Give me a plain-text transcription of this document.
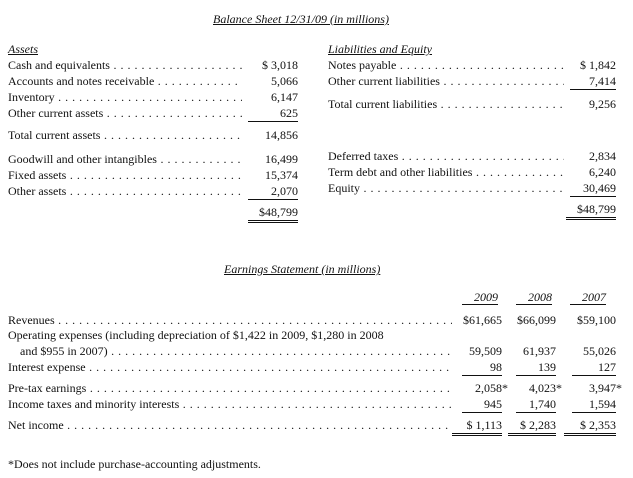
Balance Sheet 12/31/09 (in millions)
Assets
Cash and equivalents . . .	$ 3,018
Accounts and notes receivable . . .	5,066
Inventory . . .	6,147
Other current assets . . .	625
Total current assets . . .	14,856
Goodwill and other intangibles . . .	16,499
Fixed assets . . .	15,374
Other assets . . .	2,070
$48,799
Liabilities and Equity
Notes payable . . .	$ 1,842
Other current liabilities . . .	7,414
Total current liabilities . . .	9,256
Deferred taxes . . .	2,834
Term debt and other liabilities . . .	6,240
Equity . . .	30,469
$48,799
Earnings Statement (in millions)
2009	2008	2007
Revenues . . .	$61,665	$66,099	$59,100
Operating expenses (including depreciation of $1,422 in 2009, $1,280 in 2008
and $955 in 2007) . . .	59,509	61,937	55,026
Interest expense . . .	98	139	127
Pre-tax earnings . . .	2,058*	4,023*	3,947*
Income taxes and minority interests . . .	945	1,740	1,594
Net income . . .	$ 1,113	$ 2,283	$ 2,353
*Does not include purchase-accounting adjustments.
